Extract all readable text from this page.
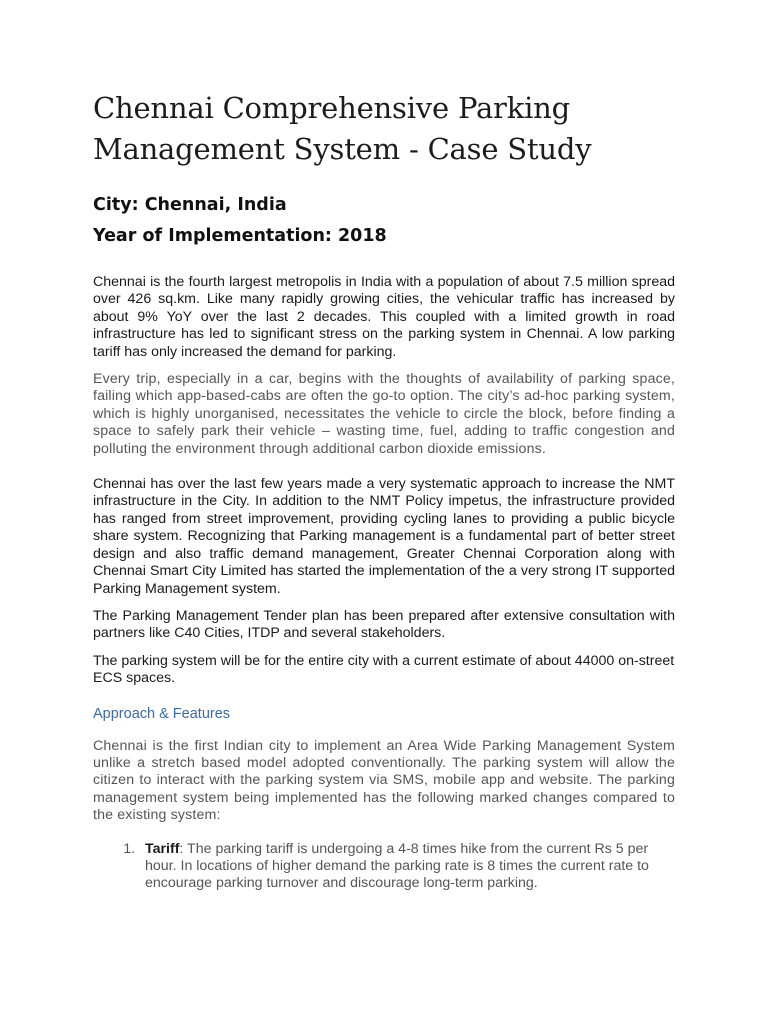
Chennai Comprehensive Parking Management System - Case Study
City: Chennai, India
Year of Implementation: 2018

Chennai is the fourth largest metropolis in India with a population of about 7.5 million spread over 426 sq.km. Like many rapidly growing cities, the vehicular traffic has increased by about 9% YoY over the last 2 decades. This coupled with a limited growth in road infrastructure has led to significant stress on the parking system in Chennai. A low parking tariff has only increased the demand for parking.

Every trip, especially in a car, begins with the thoughts of availability of parking space, failing which app-based-cabs are often the go-to option. The city’s ad-hoc parking system, which is highly unorganised, necessitates the vehicle to circle the block, before finding a space to safely park their vehicle – wasting time, fuel, adding to traffic congestion and polluting the environment through additional carbon dioxide emissions.

Chennai has over the last few years made a very systematic approach to increase the NMT infrastructure in the City. In addition to the NMT Policy impetus, the infrastructure provided has ranged from street improvement, providing cycling lanes to providing a public bicycle share system. Recognizing that Parking management is a fundamental part of better street design and also traffic demand management, Greater Chennai Corporation along with Chennai Smart City Limited has started the implementation of the a very strong IT supported Parking Management system.

The Parking Management Tender plan has been prepared after extensive consultation with partners like C40 Cities, ITDP and several stakeholders.

The parking system will be for the entire city with a current estimate of about 44000 on-street ECS spaces.

Approach & Features

Chennai is the first Indian city to implement an Area Wide Parking Management System unlike a stretch based model adopted conventionally. The parking system will allow the citizen to interact with the parking system via SMS, mobile app and website. The parking management system being implemented has the following marked changes compared to the existing system:

1. Tariff: The parking tariff is undergoing a 4-8 times hike from the current Rs 5 per hour. In locations of higher demand the parking rate is 8 times the current rate to encourage parking turnover and discourage long-term parking.
